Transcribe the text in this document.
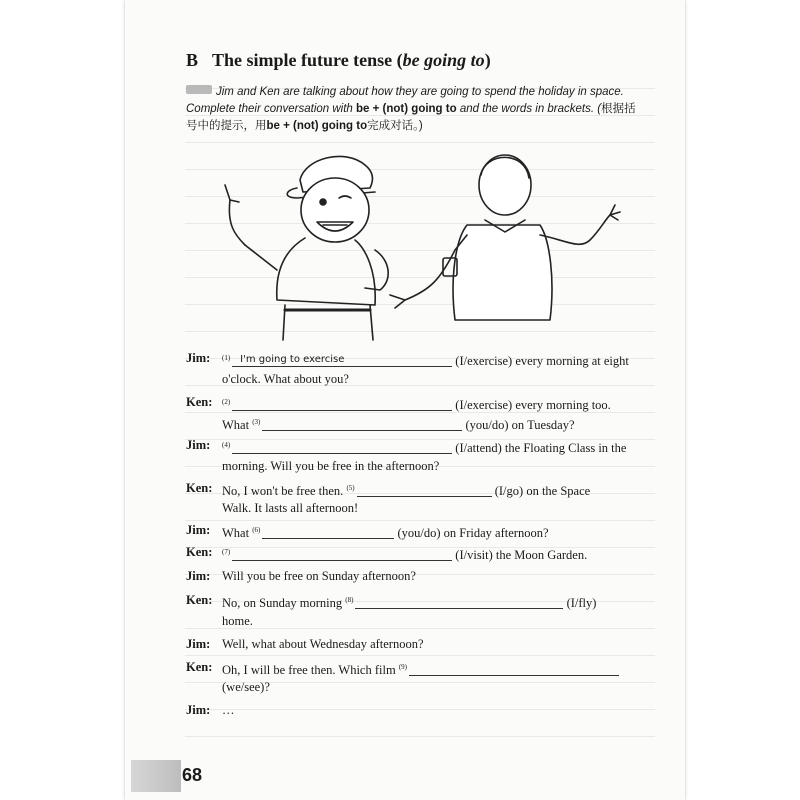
B The simple future tense (be going to)
Jim and Ken are talking about how they are going to spend the holiday in space. Complete their conversation with be + (not) going to and the words in brackets. (根据括号中的提示，用be + (not) going to完成对话。)
Jim:	$^{(1)}$ I'm going to exercise	(I/exercise) every morning at eight
o'clock. What about you?
Ken:	$^{(2)}$	(I/exercise) every morning too.
What $^{(3)}$	(you/do) on Tuesday?
Jim:	$^{(4)}$	(I/attend) the Floating Class in the
morning. Will you be free in the afternoon?
Ken: No, I won't be free then. $^{(5)}$	(I/go) on the Space
Walk. It lasts all afternoon!
Jim: What $^{(6)}$	(you/do) on Friday afternoon?
Ken:	$^{(7)}$	(I/visit) the Moon Garden.
Jim: Will you be free on Sunday afternoon?
Ken: No, on Sunday morning $^{(8)}$	(I/fly)
home.
Jim: Well, what about Wednesday afternoon?
Ken: Oh, I will be free then. Which film $^{(9)}$
(we/see)?
Jim: …
68
